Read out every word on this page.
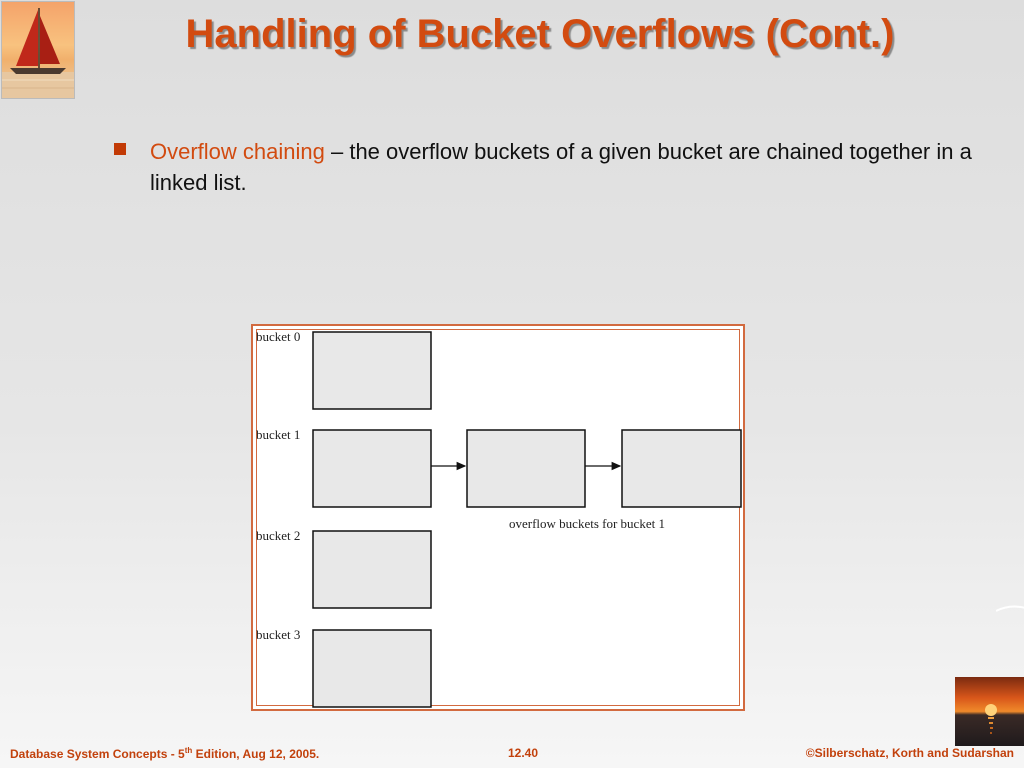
Handling of Bucket Overflows (Cont.)
Overflow chaining – the overflow buckets of a given bucket are chained together in a linked list.
bucket 0
bucket 1
bucket 2
bucket 3
overflow buckets for bucket 1
Database System Concepts - 5th Edition, Aug 12, 2005.	12.40	©Silberschatz, Korth and Sudarshan
